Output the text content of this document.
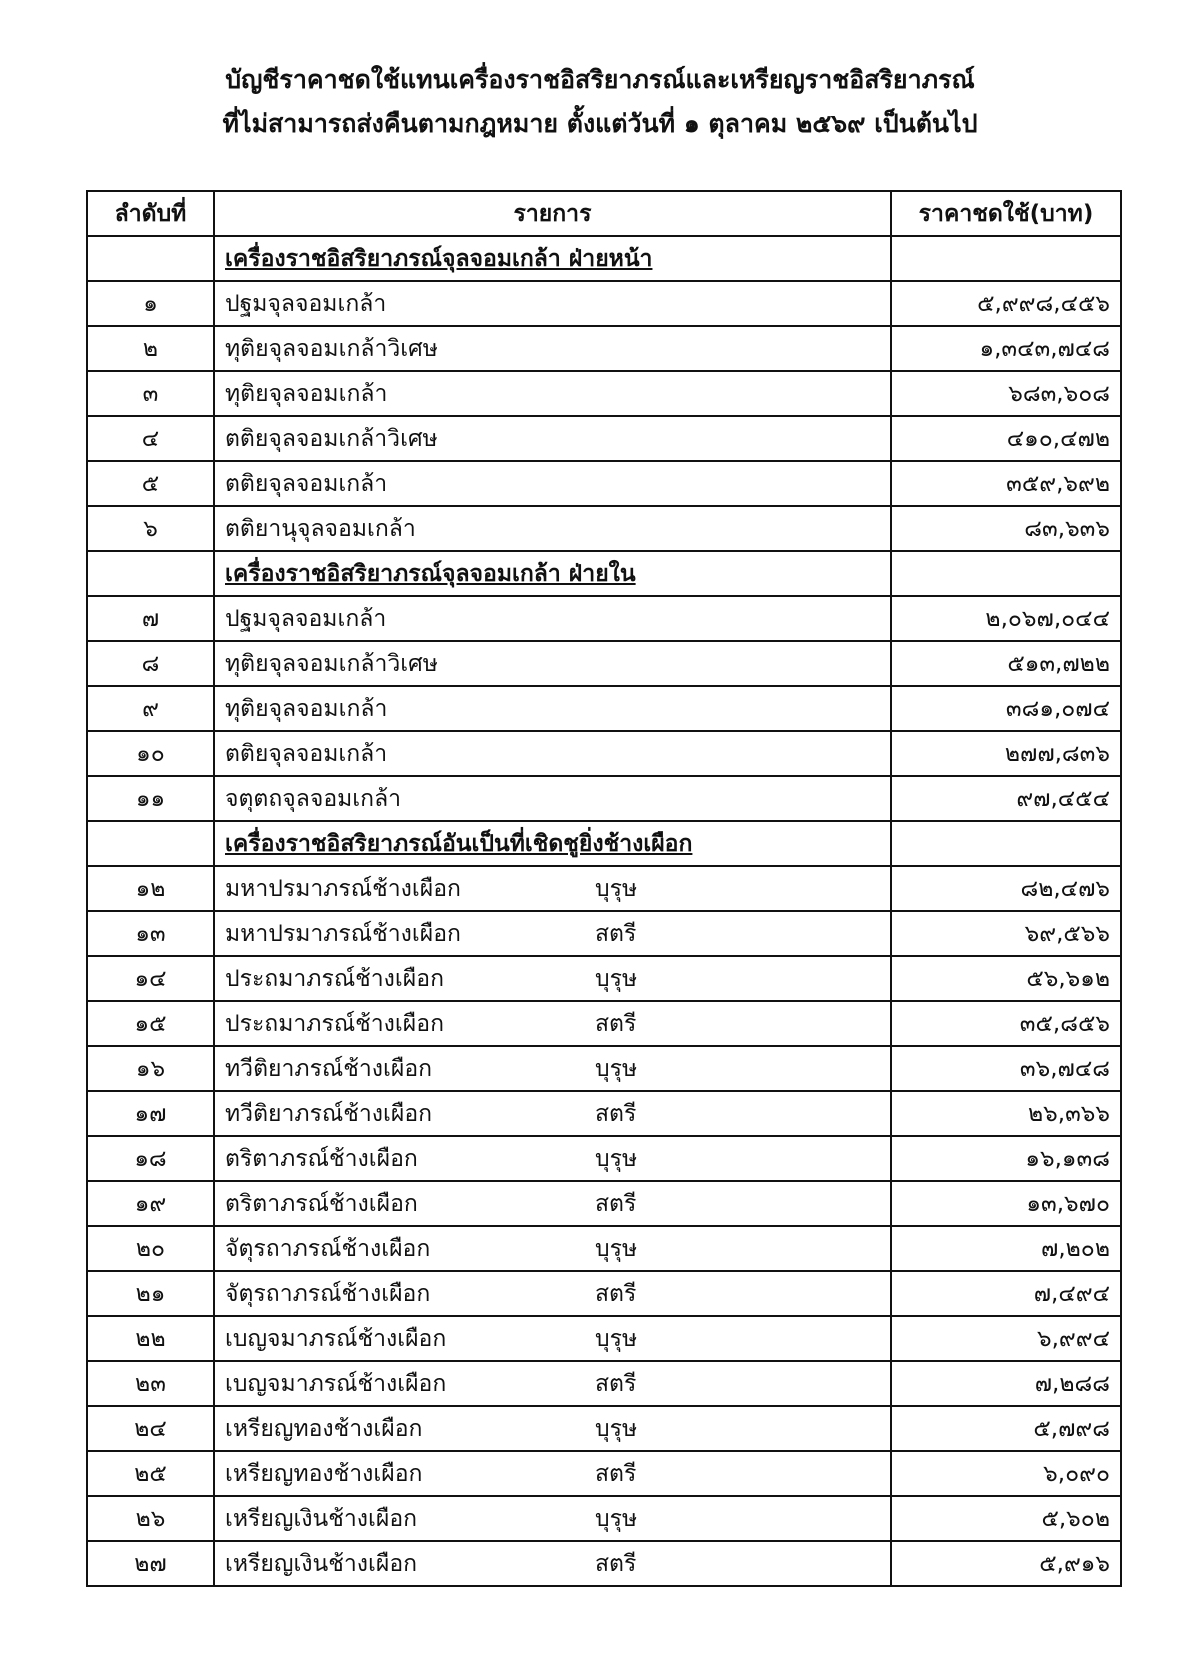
บัญชีราคาชดใช้แทนเครื่องราชอิสริยาภรณ์และเหรียญราชอิสริยาภรณ์
ที่ไม่สามารถส่งคืนตามกฎหมาย ตั้งแต่วันที่ ๑ ตุลาคม ๒๕๖๙ เป็นต้นไป
ลำดับที่	รายการ	ราคาชดใช้(บาท)
	เครื่องราชอิสริยาภรณ์จุลจอมเกล้า ฝ่ายหน้า	
๑	ปฐมจุลจอมเกล้า	๕,๙๙๘,๔๕๖
๒	ทุติยจุลจอมเกล้าวิเศษ	๑,๓๔๓,๗๔๘
๓	ทุติยจุลจอมเกล้า	๖๘๓,๖๐๘
๔	ตติยจุลจอมเกล้าวิเศษ	๔๑๐,๔๗๒
๕	ตติยจุลจอมเกล้า	๓๕๙,๖๙๒
๖	ตติยานุจุลจอมเกล้า	๘๓,๖๓๖
	เครื่องราชอิสริยาภรณ์จุลจอมเกล้า ฝ่ายใน	
๗	ปฐมจุลจอมเกล้า	๒,๐๖๗,๐๔๔
๘	ทุติยจุลจอมเกล้าวิเศษ	๕๑๓,๗๒๒
๙	ทุติยจุลจอมเกล้า	๓๘๑,๐๗๔
๑๐	ตติยจุลจอมเกล้า	๒๗๗,๘๓๖
๑๑	จตุตถจุลจอมเกล้า	๙๗,๔๕๔
	เครื่องราชอิสริยาภรณ์อันเป็นที่เชิดชูยิ่งช้างเผือก	
๑๒	มหาปรมาภรณ์ช้างเผือก บุรุษ	๘๒,๔๗๖
๑๓	มหาปรมาภรณ์ช้างเผือก สตรี	๖๙,๕๖๖
๑๔	ประถมาภรณ์ช้างเผือก บุรุษ	๕๖,๖๑๒
๑๕	ประถมาภรณ์ช้างเผือก สตรี	๓๕,๘๕๖
๑๖	ทวีติยาภรณ์ช้างเผือก บุรุษ	๓๖,๗๔๘
๑๗	ทวีติยาภรณ์ช้างเผือก สตรี	๒๖,๓๖๖
๑๘	ตริตาภรณ์ช้างเผือก บุรุษ	๑๖,๑๓๘
๑๙	ตริตาภรณ์ช้างเผือก สตรี	๑๓,๖๗๐
๒๐	จัตุรถาภรณ์ช้างเผือก บุรุษ	๗,๒๐๒
๒๑	จัตุรถาภรณ์ช้างเผือก สตรี	๗,๔๙๔
๒๒	เบญจมาภรณ์ช้างเผือก บุรุษ	๖,๙๙๔
๒๓	เบญจมาภรณ์ช้างเผือก สตรี	๗,๒๘๘
๒๔	เหรียญทองช้างเผือก บุรุษ	๕,๗๙๘
๒๕	เหรียญทองช้างเผือก สตรี	๖,๐๙๐
๒๖	เหรียญเงินช้างเผือก บุรุษ	๕,๖๐๒
๒๗	เหรียญเงินช้างเผือก สตรี	๕,๙๑๖
